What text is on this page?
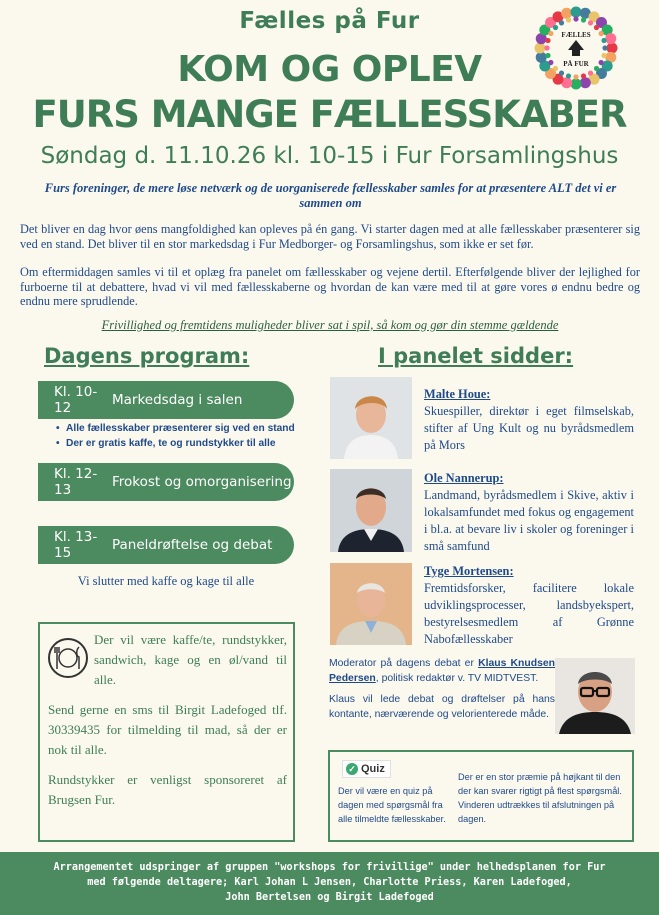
Fælles på Fur
FÆLLES
PÅ FUR
KOM OG OPLEV
FURS MANGE FÆLLESSKABER
Søndag d. 11.10.26 kl. 10-15 i Fur Forsamlingshus
Furs foreninger, de mere løse netværk og de uorganiserede fællesskaber samles for at præsentere ALT det vi er sammen om

Det bliver en dag hvor øens mangfoldighed kan opleves på én gang. Vi starter dagen med at alle fællesskaber præsenterer sig ved en stand. Det bliver til en stor markedsdag i Fur Medborger- og Forsamlingshus, som ikke er set før.

Om eftermiddagen samles vi til et oplæg fra panelet om fællesskaber og vejene dertil. Efterfølgende bliver der lejlighed for furboerne til at debattere, hvad vi vil med fællesskaberne og hvordan de kan være med til at gøre vores ø endnu bedre og endnu mere sprudlende.

Frivillighed og fremtidens muligheder bliver sat i spil, så kom og gør din stemme gældende
Dagens program:	I panelet sidder:
Kl. 10-12	Markedsdag i salen
• Alle fællesskaber præsenterer sig ved en stand
• Der er gratis kaffe, te og rundstykker til alle
Kl. 12-13	Frokost og omorganisering
Kl. 13-15	Paneldrøftelse og debat
Vi slutter med kaffe og kage til alle

Der vil være kaffe/te, rundstykker, sandwich, kage og en øl/vand til alle.

Send gerne en sms til Birgit Ladefoged tlf. 30339435 for tilmelding til mad, så der er nok til alle.

Rundstykker er venligst sponsoreret af Brugsen Fur.

Malte Houe:
Skuespiller, direktør i eget filmselskab, stifter af Ung Kult og nu byrådsmedlem på Mors
Ole Nannerup:
Landmand, byrådsmedlem i Skive, aktiv i lokalsamfundet med fokus og engagement i bl.a. at bevare liv i skoler og foreninger i små samfund
Tyge Mortensen:
Fremtidsforsker, facilitere lokale udviklingsprocesser, landsbyekspert, bestyrelsesmedlem af Grønne Nabofællesskaber

Moderator på dagens debat er Klaus Knudsen Pedersen, politisk redaktør v. TV MIDTVEST.

Klaus vil lede debat og drøftelser på hans kontante, nærværende og velorienterede måde.

✓ Quiz
Der vil være en quiz på dagen med spørgsmål fra alle tilmeldte fællesskaber.
Der er en stor præmie på højkant til den der kan svarer rigtigt på flest spørgsmål. Vinderen udtrækkes til afslutningen på dagen.
Arrangementet udspringer af gruppen "workshops for frivillige" under helhedsplanen for Fur
med følgende deltagere; Karl Johan L Jensen, Charlotte Priess, Karen Ladefoged,
John Bertelsen og Birgit Ladefoged
